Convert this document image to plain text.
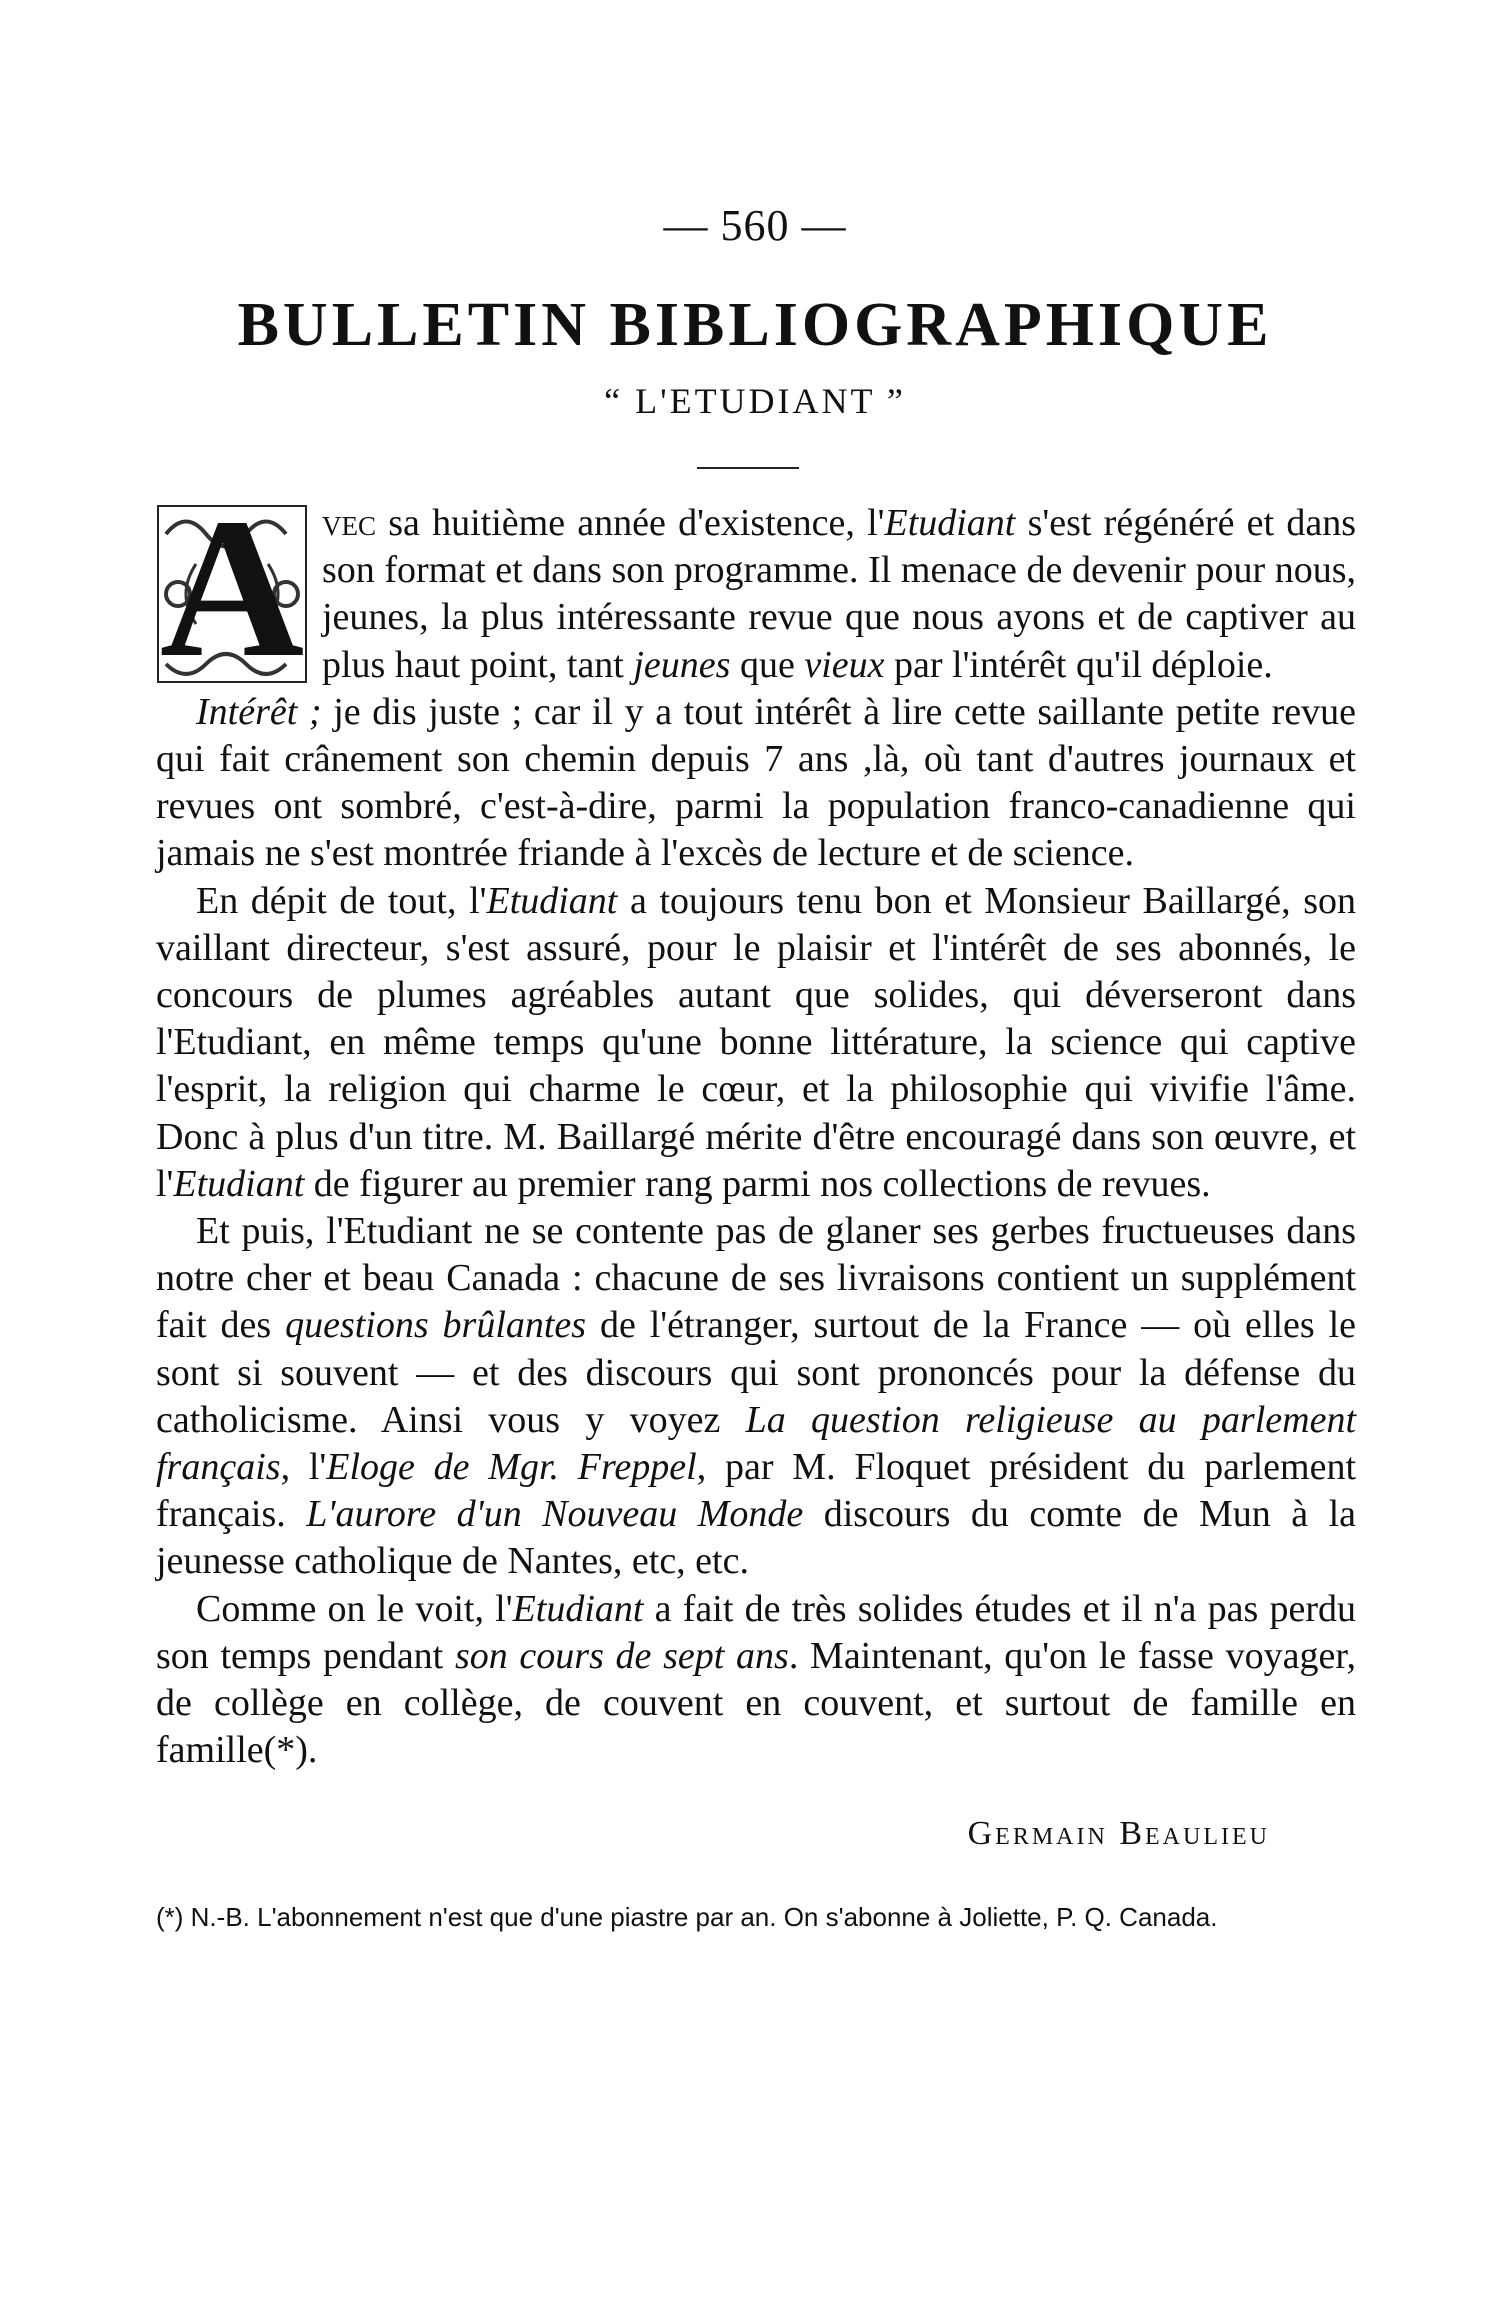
— 560 —
BULLETIN BIBLIOGRAPHIQUE
“ L'ETUDIANT ”

A vec sa huitième année d'existence, l'Etudiant s'est régénéré et dans son format et dans son programme. Il menace de devenir pour nous, jeunes, la plus intéressante revue que nous ayons et de captiver au plus haut point, tant jeunes que vieux par l'intérêt qu'il déploie.

Intérêt ; je dis juste ; car il y a tout intérêt à lire cette saillante petite revue qui fait crânement son chemin depuis 7 ans ,là, où tant d'autres journaux et revues ont sombré, c'est-à-dire, parmi la population franco-canadienne qui jamais ne s'est montrée friande à l'excès de lecture et de science.

En dépit de tout, l'Etudiant a toujours tenu bon et Monsieur Baillargé, son vaillant directeur, s'est assuré, pour le plaisir et l'intérêt de ses abonnés, le concours de plumes agréables autant que solides, qui déverseront dans l'Etudiant, en même temps qu'une bonne littérature, la science qui captive l'esprit, la religion qui charme le cœur, et la philosophie qui vivifie l'âme. Donc à plus d'un titre. M. Baillargé mérite d'être encouragé dans son œuvre, et l'Etudiant de figurer au premier rang parmi nos collections de revues.

Et puis, l'Etudiant ne se contente pas de glaner ses gerbes fructueuses dans notre cher et beau Canada : chacune de ses livraisons contient un supplément fait des questions brûlantes de l'étranger, surtout de la France — où elles le sont si souvent — et des discours qui sont prononcés pour la défense du catholicisme. Ainsi vous y voyez La question religieuse au parlement français, l'Eloge de Mgr. Freppel, par M. Floquet président du parlement français. L'aurore d'un Nouveau Monde discours du comte de Mun à la jeunesse catholique de Nantes, etc, etc.

Comme on le voit, l'Etudiant a fait de très solides études et il n'a pas perdu son temps pendant son cours de sept ans. Maintenant, qu'on le fasse voyager, de collège en collège, de couvent en couvent, et surtout de famille en famille(*).

Germain Beaulieu
(*) N.-B. L'abonnement n'est que d'une piastre par an. On s'abonne à Joliette, P. Q. Canada.
